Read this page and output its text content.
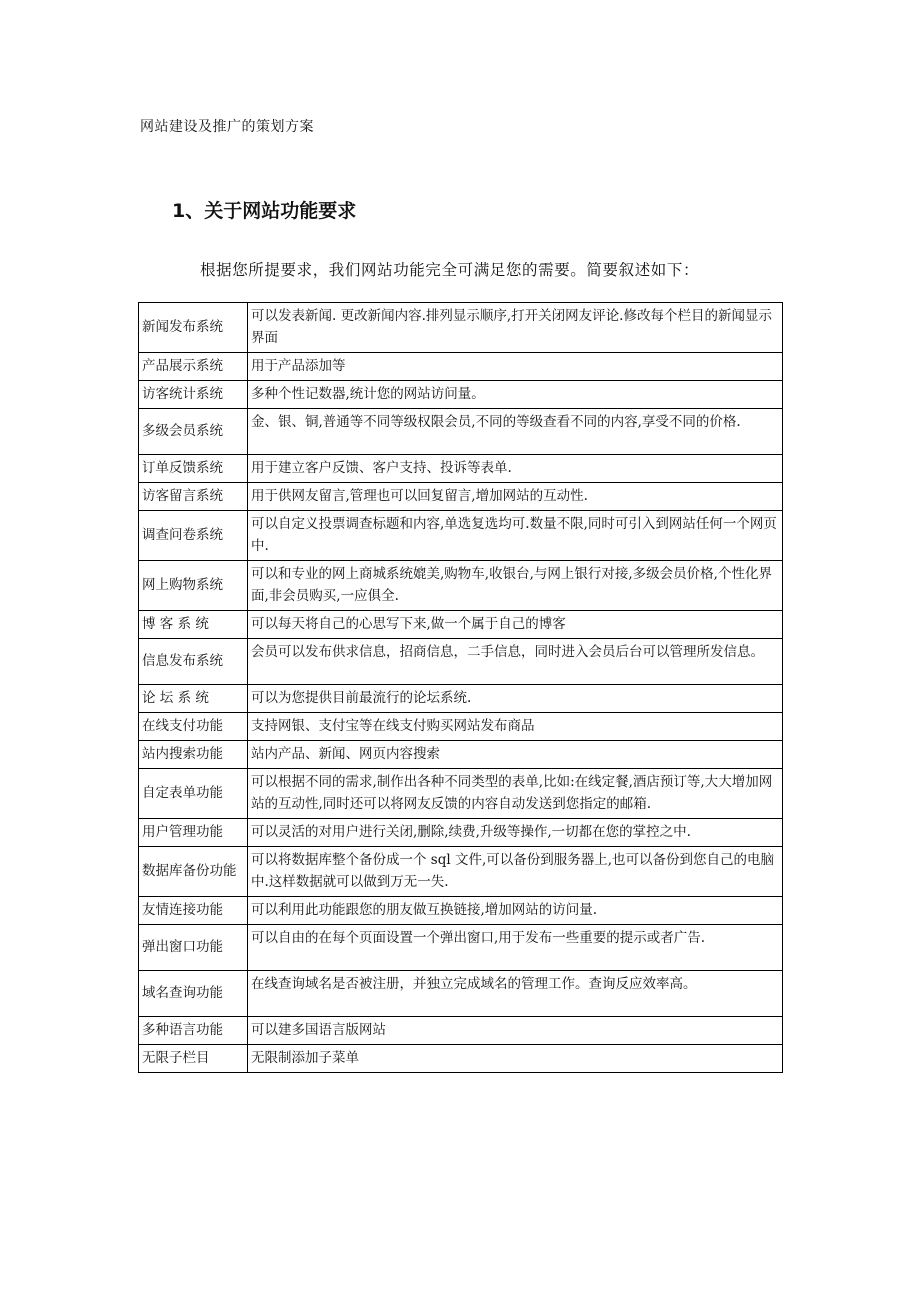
网站建设及推广的策划方案
1、关于网站功能要求
根据您所提要求，我们网站功能完全可满足您的需要。简要叙述如下：
新闻发布系统	可以发表新闻. 更改新闻内容.排列显示顺序,打开关闭网友评论.修改每个栏目的新闻显示界面
产品展示系统	用于产品添加等
访客统计系统	多种个性记数器,统计您的网站访问量。
多级会员系统	金、银、铜,普通等不同等级权限会员,不同的等级查看不同的内容,享受不同的价格.
订单反馈系统	用于建立客户反馈、客户支持、投诉等表单.
访客留言系统	用于供网友留言,管理也可以回复留言,增加网站的互动性.
调查问卷系统	可以自定义投票调查标题和内容,单选复选均可.数量不限,同时可引入到网站任何一个网页中.
网上购物系统	可以和专业的网上商城系统媲美,购物车,收银台,与网上银行对接,多级会员价格,个性化界面,非会员购买,一应俱全.
博 客 系 统	可以每天将自己的心思写下来,做一个属于自己的博客
信息发布系统	会员可以发布供求信息，招商信息，二手信息，同时进入会员后台可以管理所发信息。
论 坛 系 统	可以为您提供目前最流行的论坛系统.
在线支付功能	支持网银、支付宝等在线支付购买网站发布商品
站内搜索功能	站内产品、新闻、网页内容搜索
自定表单功能	可以根据不同的需求,制作出各种不同类型的表单,比如:在线定餐,酒店预订等,大大增加网站的互动性,同时还可以将网友反馈的内容自动发送到您指定的邮箱.
用户管理功能	可以灵活的对用户进行关闭,删除,续费,升级等操作,一切都在您的掌控之中.
数据库备份功能	可以将数据库整个备份成一个 sql 文件,可以备份到服务器上,也可以备份到您自己的电脑中.这样数据就可以做到万无一失.
友情连接功能	可以利用此功能跟您的朋友做互换链接,增加网站的访问量.
弹出窗口功能	可以自由的在每个页面设置一个弹出窗口,用于发布一些重要的提示或者广告.
域名查询功能	在线查询域名是否被注册，并独立完成域名的管理工作。查询反应效率高。
多种语言功能	可以建多国语言版网站
无限子栏目	无限制添加子菜单
